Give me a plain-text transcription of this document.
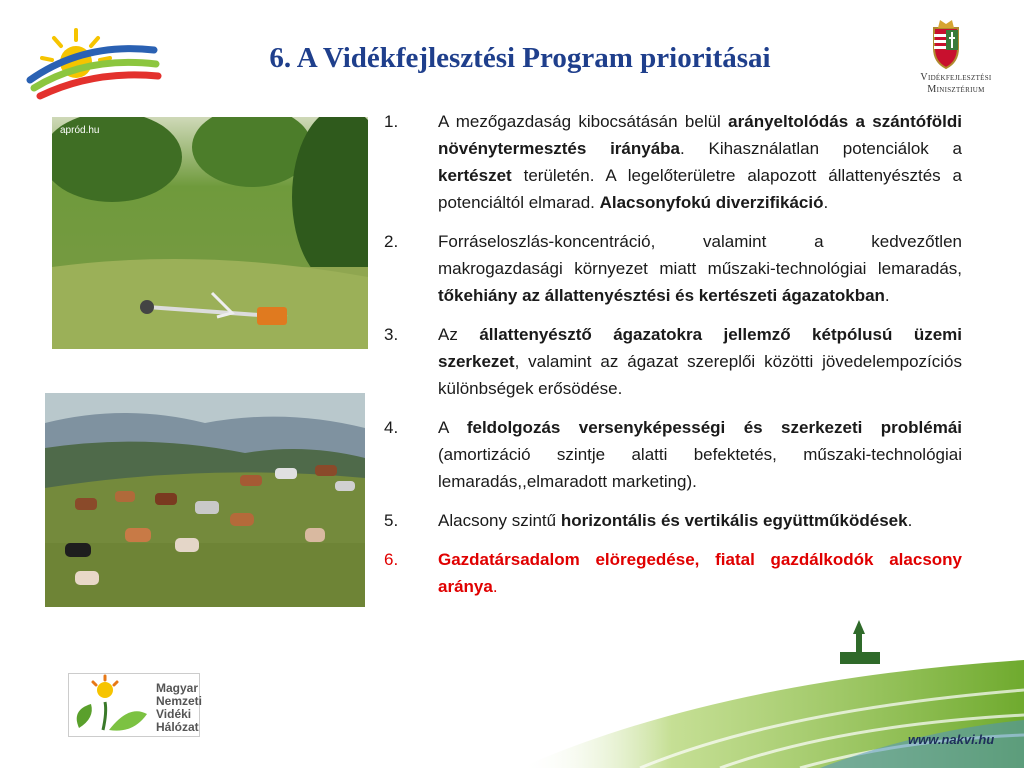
6. A Vidékfejlesztési Program prioritásai
Vidékfejlesztési
Minisztérium
apród.hu	1. A mezőgazdaság kibocsátásán belül arányeltolódás a szántóföldi növénytermesztés irányába. Kihasználatlan potenciálok a kertészet területén. A legelőterületre alapozott állattenyésztés a potenciáltól elmarad. Alacsonyfokú diverzifikáció.
2. Forráseloszlás-koncentráció, valamint a kedvezőtlen makrogazdasági környezet miatt műszaki-technológiai lemaradás, tőkehiány az állattenyésztési és kertészeti ágazatokban.
3. Az állattenyésztő ágazatokra jellemző kétpólusú üzemi szerkezet, valamint az ágazat szereplői közötti jövedelempozíciós különbségek erősödése.
4. A feldolgozás versenyképességi és szerkezeti problémái (amortizáció szintje alatti befektetés, műszaki-technológiai lemaradás,,elmaradott marketing).
5. Alacsony szintű horizontális és vertikális együttműködések.
6. Gazdatársadalom elöregedése, fiatal gazdálkodók alacsony aránya.
Magyar
Nemzeti
Vidéki
Hálózat
www.nakvi.hu
